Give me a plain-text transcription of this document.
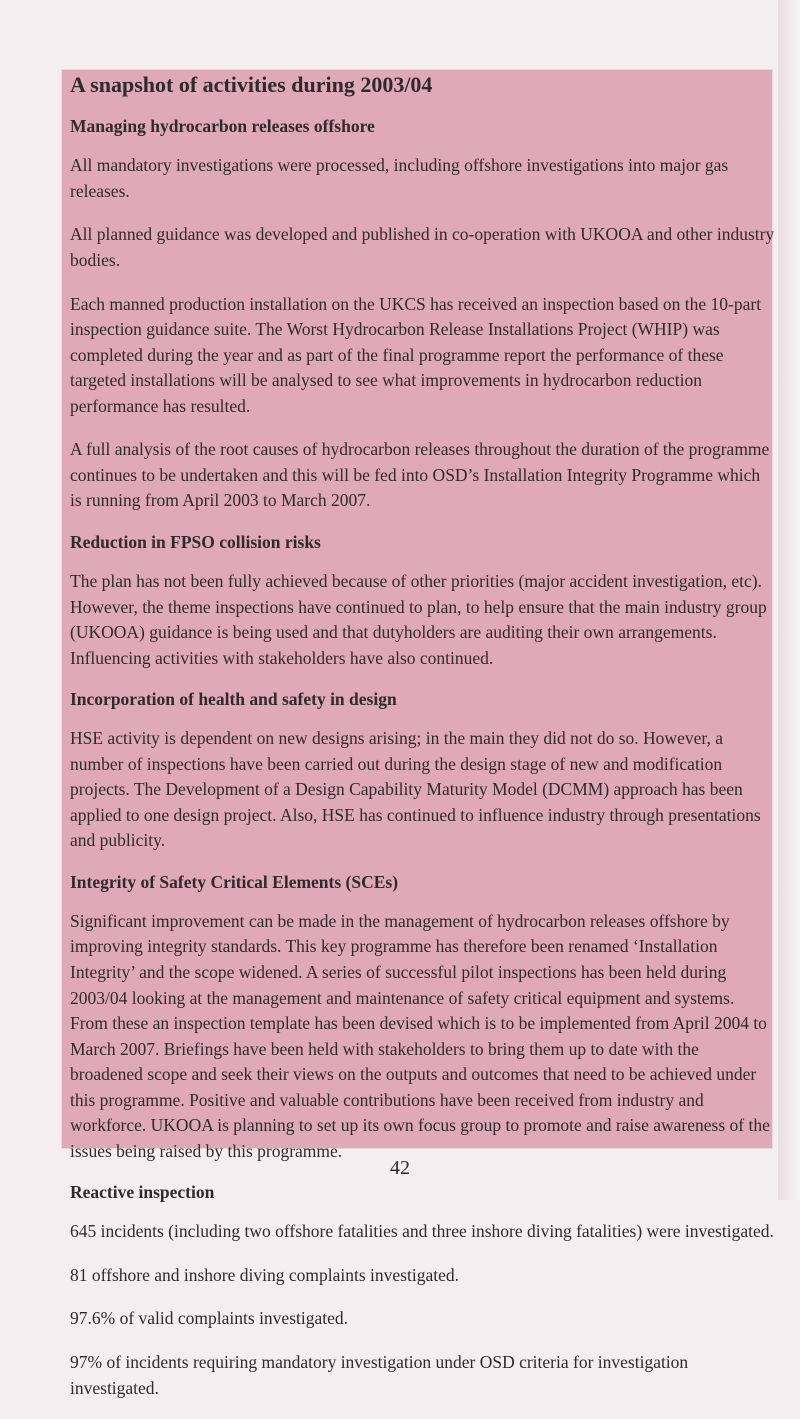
A snapshot of activities during 2003/04
Managing hydrocarbon releases offshore

All mandatory investigations were processed, including offshore investigations into major gas releases.

All planned guidance was developed and published in co-operation with UKOOA and other industry bodies.

Each manned production installation on the UKCS has received an inspection based on the 10-part inspection guidance suite. The Worst Hydrocarbon Release Installations Project (WHIP) was completed during the year and as part of the final programme report the performance of these targeted installations will be analysed to see what improvements in hydrocarbon reduction performance has resulted.

A full analysis of the root causes of hydrocarbon releases throughout the duration of the programme continues to be undertaken and this will be fed into OSD’s Installation Integrity Programme which is running from April 2003 to March 2007.

Reduction in FPSO collision risks

The plan has not been fully achieved because of other priorities (major accident investigation, etc). However, the theme inspections have continued to plan, to help ensure that the main industry group (UKOOA) guidance is being used and that dutyholders are auditing their own arrangements. Influencing activities with stakeholders have also continued.

Incorporation of health and safety in design

HSE activity is dependent on new designs arising; in the main they did not do so. However, a number of inspections have been carried out during the design stage of new and modification projects. The Development of a Design Capability Maturity Model (DCMM) approach has been applied to one design project. Also, HSE has continued to influence industry through presentations and publicity.

Integrity of Safety Critical Elements (SCEs)

Significant improvement can be made in the management of hydrocarbon releases offshore by improving integrity standards. This key programme has therefore been renamed ‘Installation Integrity’ and the scope widened. A series of successful pilot inspections has been held during 2003/04 looking at the management and maintenance of safety critical equipment and systems. From these an inspection template has been devised which is to be implemented from April 2004 to March 2007. Briefings have been held with stakeholders to bring them up to date with the broadened scope and seek their views on the outputs and outcomes that need to be achieved under this programme. Positive and valuable contributions have been received from industry and workforce. UKOOA is planning to set up its own focus group to promote and raise awareness of the issues being raised by this programme.

Reactive inspection

645 incidents (including two offshore fatalities and three inshore diving fatalities) were investigated.

81 offshore and inshore diving complaints investigated.

97.6% of valid complaints investigated.

97% of incidents requiring mandatory investigation under OSD criteria for investigation investigated.

42
